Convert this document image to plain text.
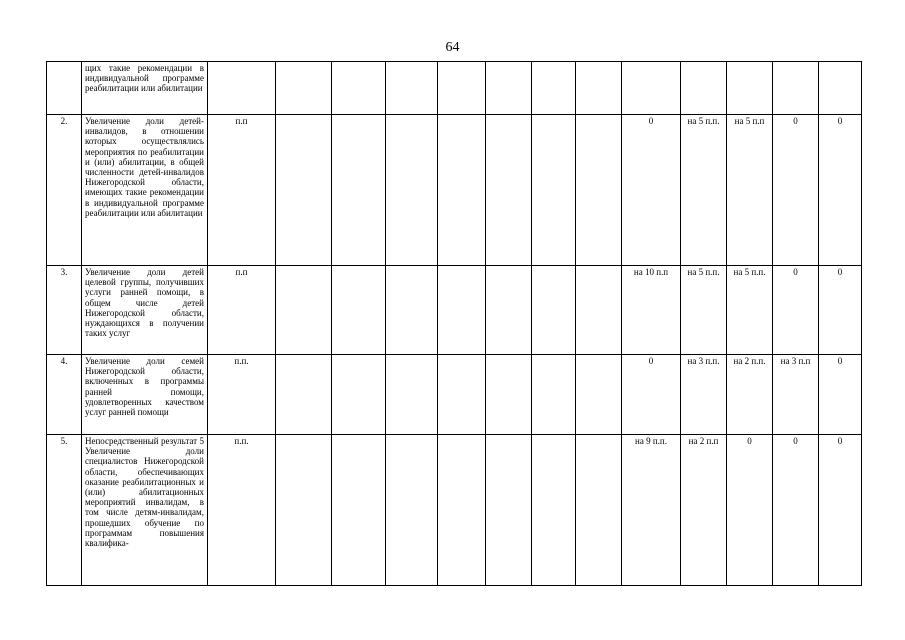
64
	щих такие рекомендации в индивидуальной программе реабилитации или абилитации													
2.	Увеличение доли детей-инвалидов, в отношении которых осуществлялись мероприятия по реабилитации и (или) абилитации, в общей численности детей-инвалидов Нижегородской области, имеющих такие рекомендации в индивидуальной программе реабилитации или абилитации	п.п								0	на 5 п.п.	на 5 п.п	0	0
3.	Увеличение доли детей целевой группы, получивших услуги ранней помощи, в общем числе детей Нижегородской области, нуждающихся в получении таких услуг	п.п								на 10 п.п	на 5 п.п.	на 5 п.п.	0	0
4.	Увеличение доли семей Нижегородской области, включенных в программы ранней помощи, удовлетворенных качеством услуг ранней помощи	п.п.								0	на 3 п.п.	на 2 п.п.	на 3 п.п	0
5.	Непосредственный результат 5 Увеличение доли специалистов Нижегородской области, обеспечивающих оказание реабилитационных и (или) абилитационных мероприятий инвалидам, в том числе детям-инвалидам, прошедших обучение по программам повышения квалифика-	п.п.								на 9 п.п.	на 2 п.п	0	0	0
